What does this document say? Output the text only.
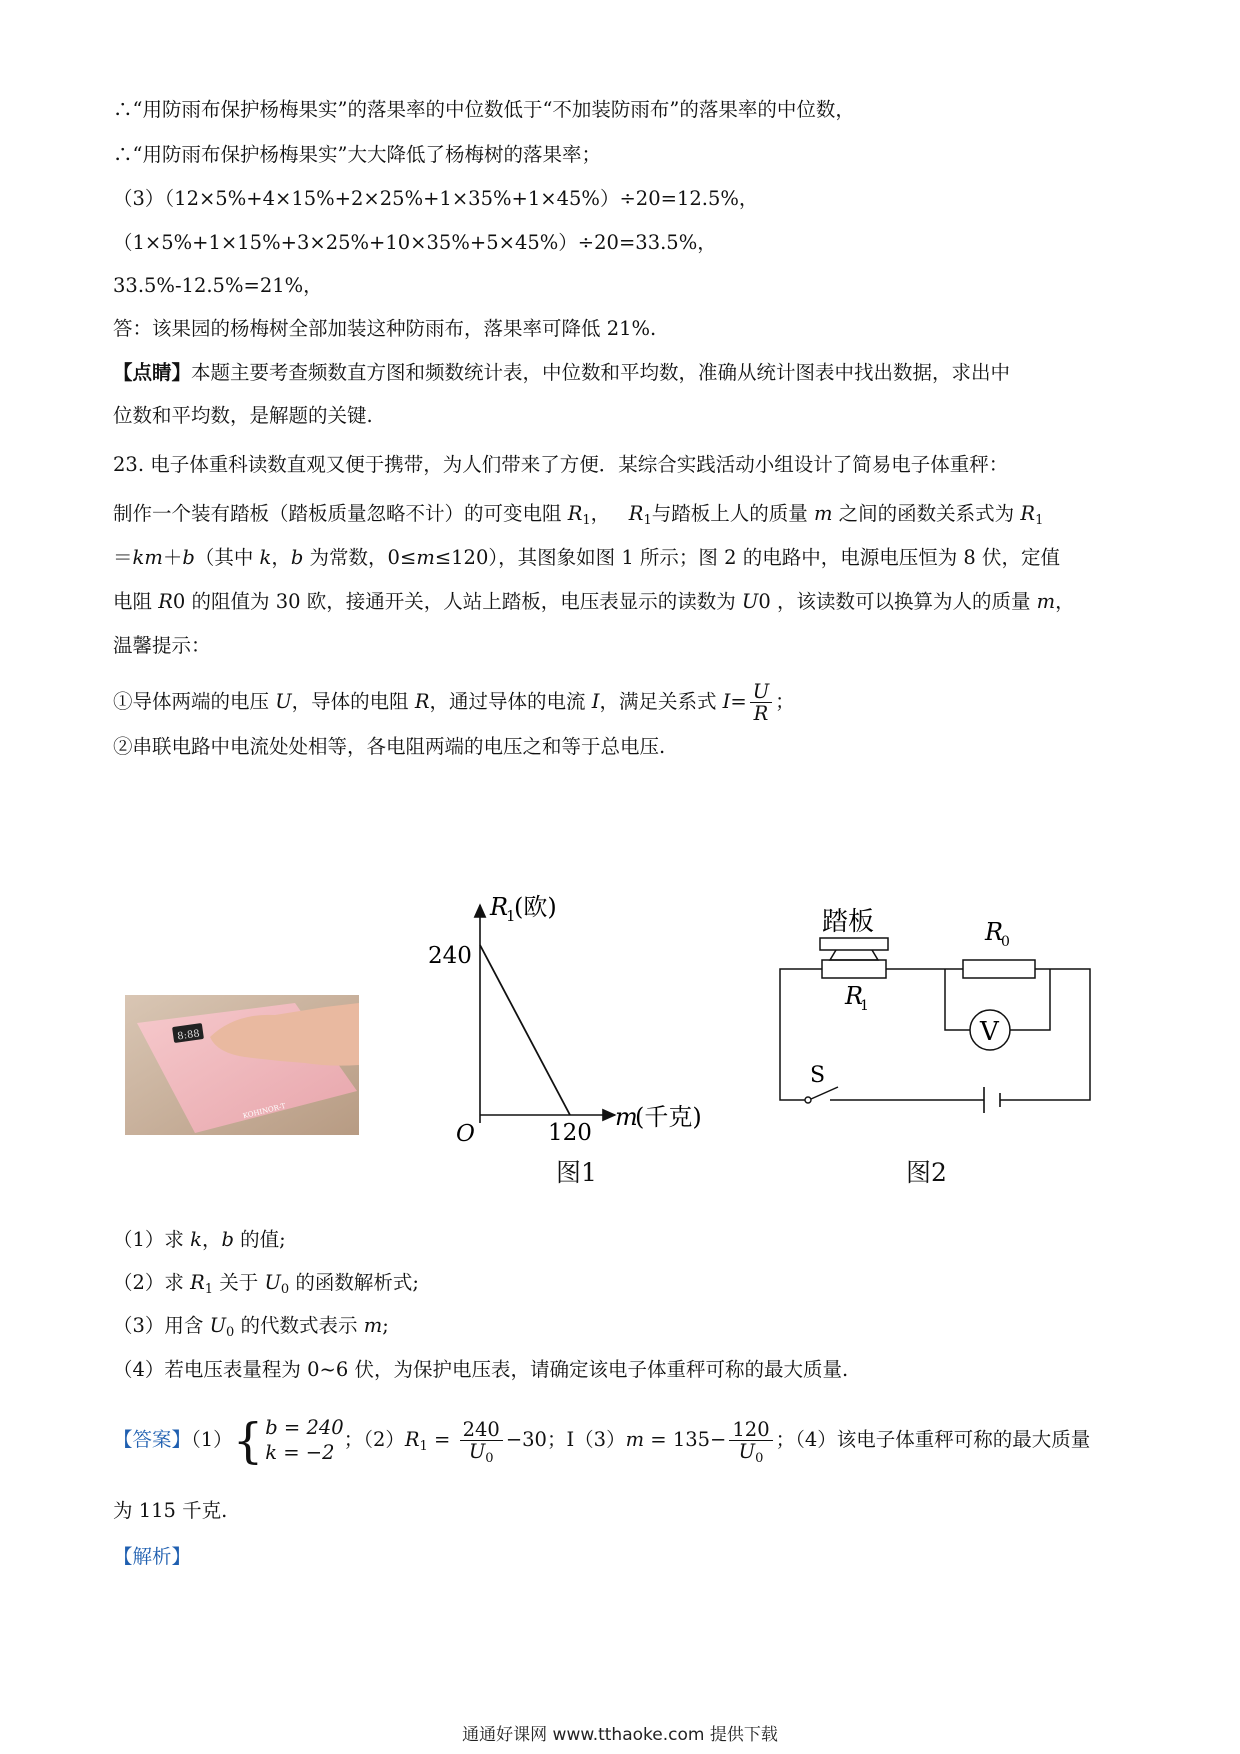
∴“用防雨布保护杨梅果实”的落果率的中位数低于“不加装防雨布”的落果率的中位数，
∴“用防雨布保护杨梅果实”大大降低了杨梅树的落果率；
（3）（12×5%+4×15%+2×25%+1×35%+1×45%）÷20=12.5%，
（1×5%+1×15%+3×25%+10×35%+5×45%）÷20=33.5%，
33.5%-12.5%=21%，
答：该果园的杨梅树全部加装这种防雨布，落果率可降低 21%.
【点睛】本题主要考查频数直方图和频数统计表，中位数和平均数，准确从统计图表中找出数据，求出中
位数和平均数，是解题的关键.
23. 电子体重科读数直观又便于携带，为人们带来了方便．某综合实践活动小组设计了简易电子体重秤：
制作一个装有踏板（踏板质量忽略不计）的可变电阻 $R_1$， $R_1$与踏板上人的质量 m 之间的函数关系式为 $R_1$
＝km＋b（其中 k，b 为常数，0≤m≤120），其图象如图 1 所示；图 2 的电路中，电源电压恒为 8 伏，定值
电阻 R0 的阻值为 30 欧，接通开关，人站上踏板，电压表显示的读数为 U0 ，该读数可以换算为人的质量 m，
温馨提示：
①导体两端的电压 U，导体的电阻 R，通过导体的电流 I，满足关系式 $I= \frac{U}{R}$ ；
②串联电路中电流处处相等，各电阻两端的电压之和等于总电压.
8:88
KOHINOR-T
R
1
(欧)
240
120
O
m
(千克)
图1
踏板
R
1
R
0
V
S
图2
（1）求 k，b 的值;
（2）求 $R_1$ 关于 $U_0$ 的函数解析式;
（3）用含 $U_0$ 的代数式表示 m;
（4）若电压表量程为 0~6 伏，为保护电压表，请确定该电子体重秤可称的最大质量.
【答案】（1）{ b = 240
k = −2
；$(2)R_1 = \frac{240}{U_0} -30$；$I(3)m = 135- \frac{120}{U_0}$ ；（4）该电子体重秤可称的最大质量
为 115 千克.
【解析】
通通好课网 www.tthaoke.com 提供下载
